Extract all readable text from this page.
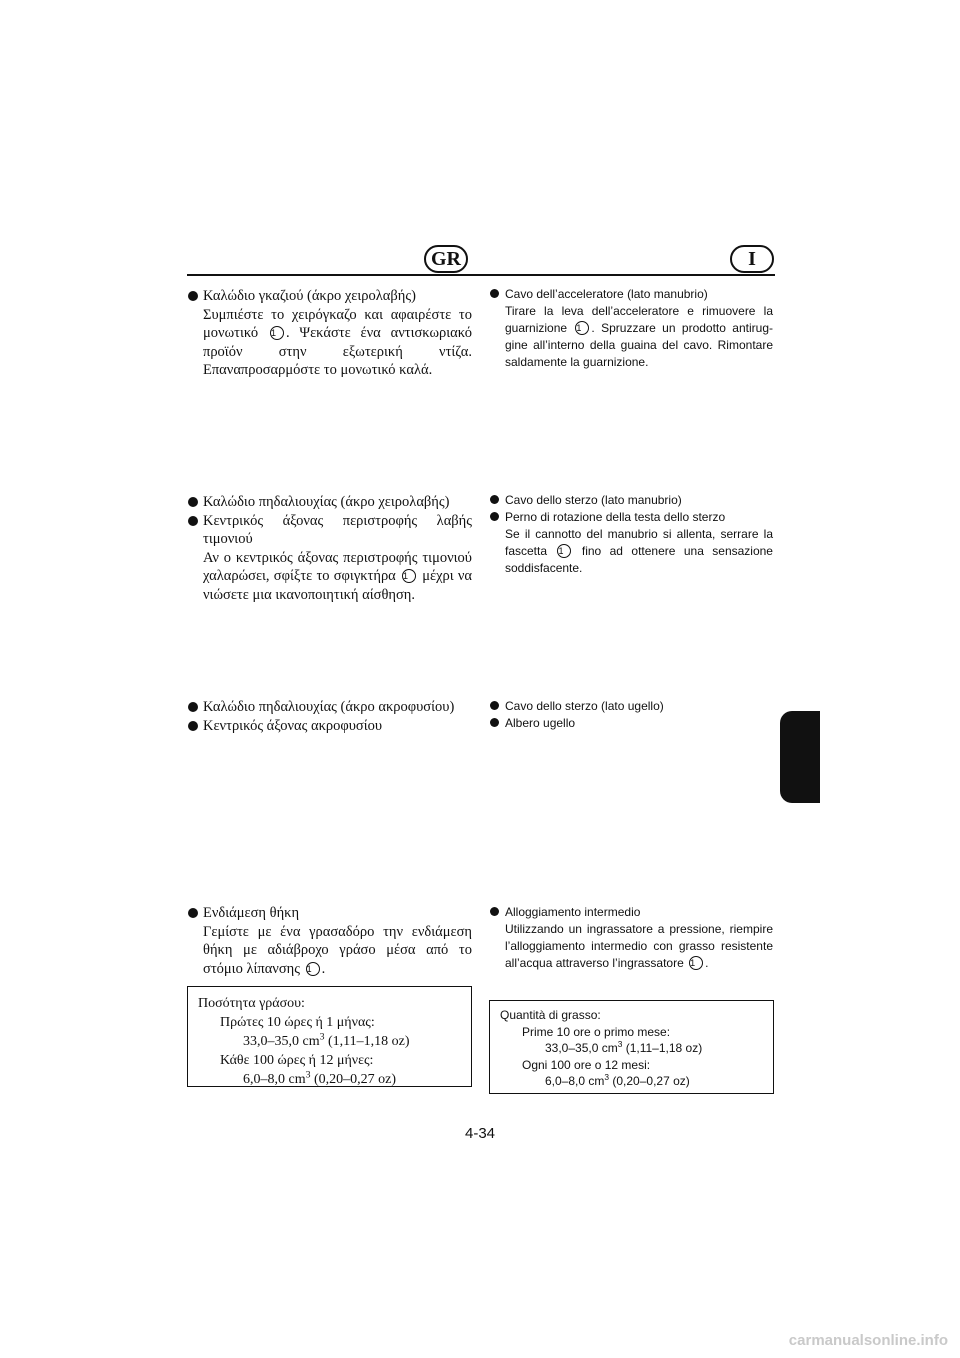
GR	I
Καλώδιο γκαζιού (άκρο χειρολαβής)
Συμπιέστε το χειρόγκαζο και αφαιρέστε το μονωτικό 1 . Ψεκάστε ένα αντισκωριακό προϊόν στην εξωτερική ντίζα. Επαναπροσαρμόστε το μονωτικό καλά.
Cavo dell’acceleratore (lato manubrio)
Tirare la leva dell’acceleratore e rimuovere la guarnizione 1 . Spruzzare un prodotto antiruggine all’interno della guaina del cavo. Rimontare saldamente la guarnizione.
Καλώδιο πηδαλιουχίας (άκρο χειρολαβής)
Κεντρικός άξονας περιστροφής λαβής τιμονιού
Αν ο κεντρικός άξονας περιστροφής τιμονιού χαλαρώσει, σφίξτε το σφιγκτήρα 1 μέχρι να νιώσετε μια ικανοποιητική αίσθηση.
Cavo dello sterzo (lato manubrio)
Perno di rotazione della testa dello sterzo
Se il cannotto del manubrio si allenta, serrare la fascetta 1 fino ad ottenere una sensazione soddisfacente.
Καλώδιο πηδαλιουχίας (άκρο ακροφυσίου)
Κεντρικός άξονας ακροφυσίου
Cavo dello sterzo (lato ugello)
Albero ugello
Ενδιάμεση θήκη
Γεμίστε με ένα γρασαδόρο την ενδιάμεση θήκη με αδιάβροχο γράσο μέσα από το στόμιο λίπανσης 1 .
Alloggiamento intermedio
Utilizzando un ingrassatore a pressione, riempire l’alloggiamento intermedio con grasso resistente all’acqua attraverso l’ingrassatore 1 .
Ποσότητα γράσου:
Πρώτες 10 ώρες ή 1 μήνας:
33,0–35,0 $cm^3$ (1,11–1,18 oz)
Κάθε 100 ώρες ή 12 μήνες:
6,0–8,0 $cm^3$ (0,20–0,27 oz)
Quantità di grasso:
Prime 10 ore o primo mese:
33,0–35,0 $cm^3$ (1,11–1,18 oz)
Ogni 100 ore o 12 mesi:
6,0–8,0 $cm^3$ (0,20–0,27 oz)
4-34
carmanualsonline.info
